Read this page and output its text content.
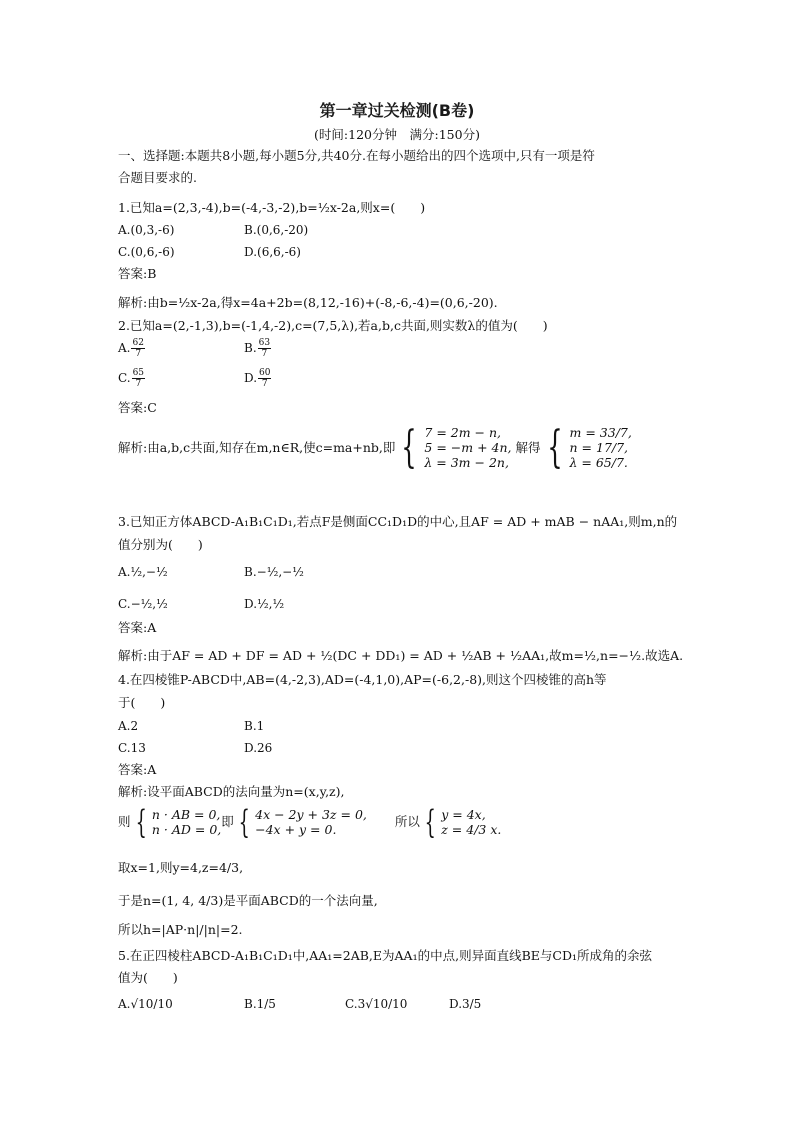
第一章过关检测(B卷)
(时间:120分钟　满分:150分)
一、选择题:本题共8小题,每小题5分,共40分.在每小题给出的四个选项中,只有一项是符
合题目要求的.
1.已知a=(2,3,-4),b=(-4,-3,-2),b=½x-2a,则x=(　　)
A.(0,3,-6)	B.(0,6,-20)
C.(0,6,-6)	D.(6,6,-6)
答案:B
解析:由b=½x-2a,得x=4a+2b=(8,12,-16)+(-8,-6,-4)=(0,6,-20).
2.已知a=(2,-1,3),b=(-1,4,-2),c=(7,5,λ),若a,b,c共面,则实数λ的值为(　　)
A. $\frac{62}{7}$	B. $\frac{63}{7}$
C. $\frac{65}{7}$	D. $\frac{60}{7}$
答案:C
解析:由a,b,c共面,知存在m,n∈R,使c=ma+nb,即 { 7 = 2m − n,
5 = −m + 4n,
λ = 3m − 2n,
解得 { m = 33/7,
n = 17/7,
λ = 65/7.
3.已知正方体ABCD-A₁B₁C₁D₁,若点F是侧面CC₁D₁D的中心,且AF = AD + mAB − nAA₁,则m,n的
值分别为(　　)
A.½,−½	B.−½,−½
C.−½,½	D.½,½
答案:A
解析:由于AF = AD + DF = AD + ½(DC + DD₁) = AD + ½AB + ½AA₁,故m=½,n=−½.故选A.
4.在四棱锥P-ABCD中,AB=(4,-2,3),AD=(-4,1,0),AP=(-6,2,-8),则这个四棱锥的高h等
于(　　)
A.2	B.1
C.13	D.26
答案:A
解析:设平面ABCD的法向量为n=(x,y,z),
则 { n · AB = 0,
n · AD = 0,
即 { 4x − 2y + 3z = 0,
−4x + y = 0.
所以 { y = 4x,
z = 4/3 x.
取x=1,则y=4,z=4/3,
于是n=(1, 4, 4/3)是平面ABCD的一个法向量,
所以h=|AP·n|/|n|=2.
5.在正四棱柱ABCD-A₁B₁C₁D₁中,AA₁=2AB,E为AA₁的中点,则异面直线BE与CD₁所成角的余弦
值为(　　)
A.√10/10	B.1/5	C.3√10/10	D.3/5
